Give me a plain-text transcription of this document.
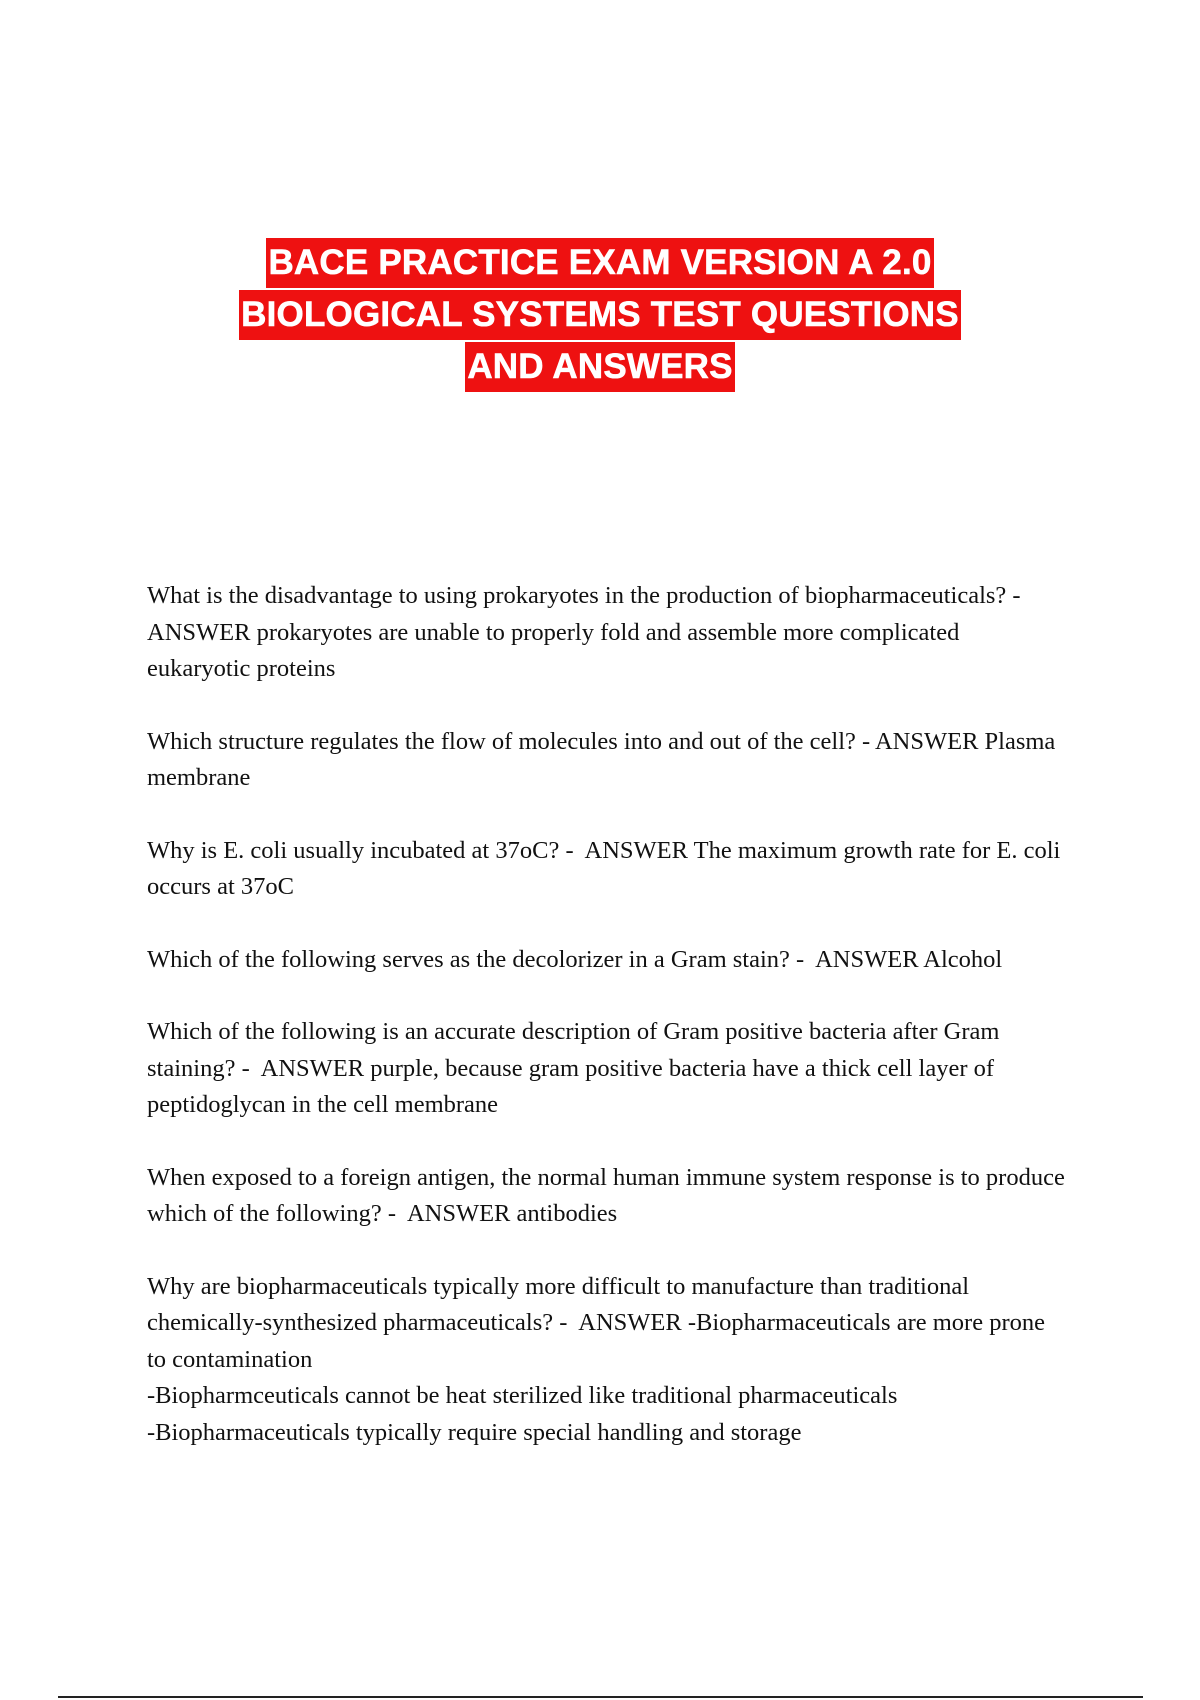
BACE PRACTICE EXAM VERSION A 2.0
BIOLOGICAL SYSTEMS TEST QUESTIONS
AND ANSWERS
What is the disadvantage to using prokaryotes in the production of biopharmaceuticals? -  ANSWER prokaryotes are unable to properly fold and assemble more complicated eukaryotic proteins
Which structure regulates the flow of molecules into and out of the cell? - ANSWER Plasma membrane
Why is E. coli usually incubated at 37oC? - ANSWER The maximum growth rate for E. coli occurs at 37oC
Which of the following serves as the decolorizer in a Gram stain? - ANSWER Alcohol
Which of the following is an accurate description of Gram positive bacteria after Gram staining? - ANSWER purple, because gram positive bacteria have a thick cell layer of peptidoglycan in the cell membrane
When exposed to a foreign antigen, the normal human immune system response is to produce which of the following? - ANSWER antibodies
Why are biopharmaceuticals typically more difficult to manufacture than traditional chemically-synthesized pharmaceuticals? - ANSWER -Biopharmaceuticals are more prone to contamination
-Biopharmceuticals cannot be heat sterilized like traditional pharmaceuticals
-Biopharmaceuticals typically require special handling and storage
